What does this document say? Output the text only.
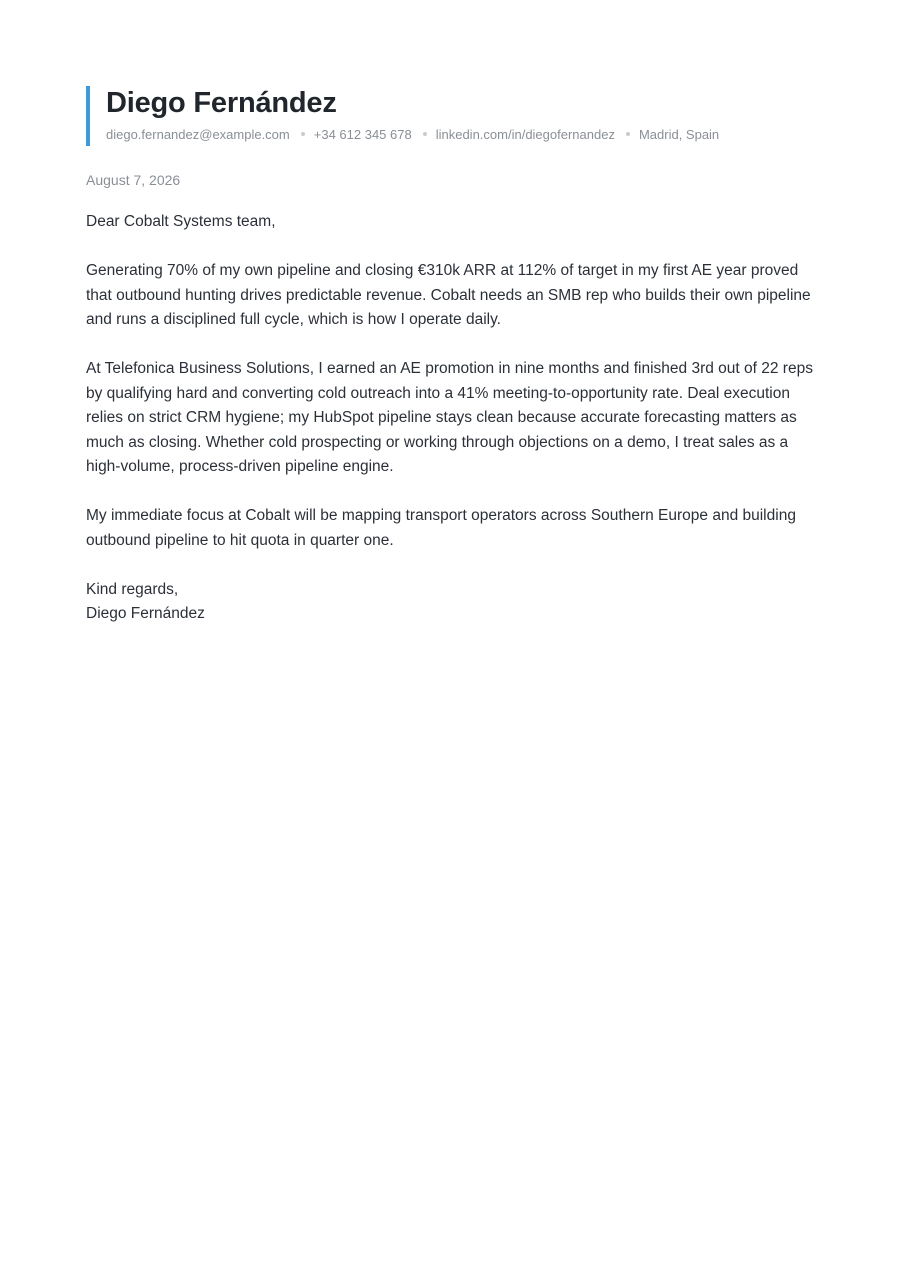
Diego Fernández
diego.fernandez@example.com +34 612 345 678 linkedin.com/in/diegofernandez Madrid, Spain
August 7, 2026
Dear Cobalt Systems team,
Generating 70% of my own pipeline and closing €310k ARR at 112% of target in my first AE year proved that outbound hunting drives predictable revenue. Cobalt needs an SMB rep who builds their own pipeline and runs a disciplined full cycle, which is how I operate daily.
At Telefonica Business Solutions, I earned an AE promotion in nine months and finished 3rd out of 22 reps by qualifying hard and converting cold outreach into a 41% meeting-to-opportunity rate. Deal execution relies on strict CRM hygiene; my HubSpot pipeline stays clean because accurate forecasting matters as much as closing. Whether cold prospecting or working through objections on a demo, I treat sales as a high-volume, process-driven pipeline engine.
My immediate focus at Cobalt will be mapping transport operators across Southern Europe and building outbound pipeline to hit quota in quarter one.
Kind regards,
Diego Fernández
